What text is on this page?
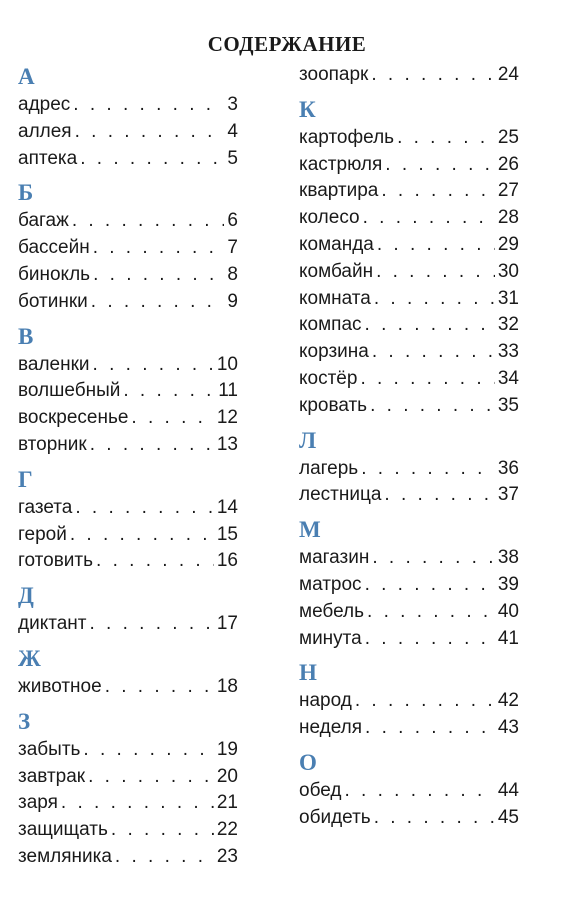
СОДЕРЖАНИЕ
А
адрес . . .	3
аллея . . .	4
аптека . . .	5
Б
багаж . . .	6
бассейн . . .	7
бинокль . . .	8
ботинки . . .	9
В
валенки . . .	10
волшебный . . .	11
воскресенье . . .	12
вторник . . .	13
Г
газета . . .	14
герой . . .	15
готовить . . .	16
Д
диктант . . .	17
Ж
животное . . .	18
З
забыть . . .	19
завтрак . . .	20
заря . . .	21
защищать . . .	22
земляника . . .	23
зоопарк . . .	24
К
картофель . . .	25
кастрюля . . .	26
квартира . . .	27
колесо . . .	28
команда . . .	29
комбайн . . .	30
комната . . .	31
компас . . .	32
корзина . . .	33
костёр . . .	34
кровать . . .	35
Л
лагерь . . .	36
лестница . . .	37
М
магазин . . .	38
матрос . . .	39
мебель . . .	40
минута . . .	41
Н
народ . . .	42
неделя . . .	43
О
обед . . .	44
обидеть . . .	45
